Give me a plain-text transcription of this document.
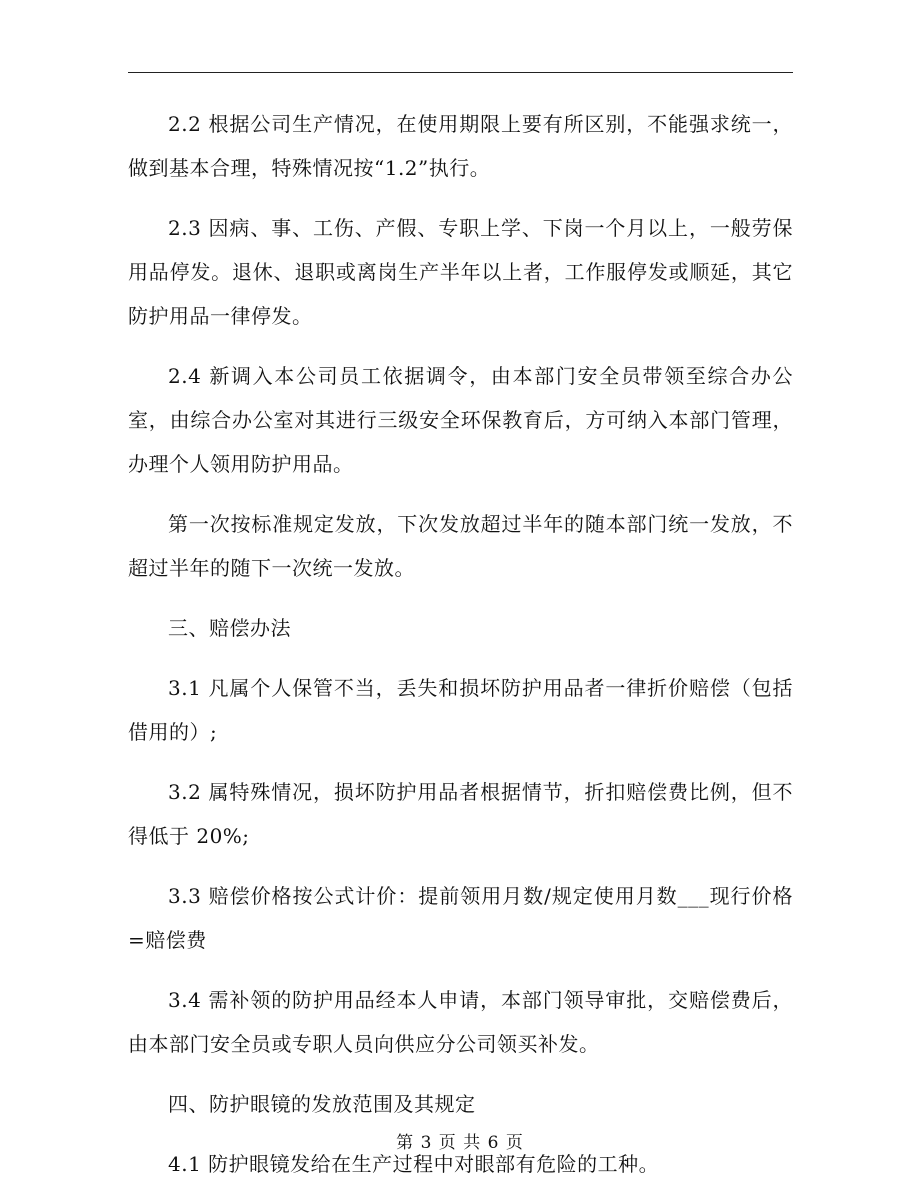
2.2 根据公司生产情况，在使用期限上要有所区别，不能强求统一，做到基本合理，特殊情况按“1.2”执行。

2.3 因病、事、工伤、产假、专职上学、下岗一个月以上，一般劳保用品停发。退休、退职或离岗生产半年以上者，工作服停发或顺延，其它防护用品一律停发。

2.4 新调入本公司员工依据调令，由本部门安全员带领至综合办公室，由综合办公室对其进行三级安全环保教育后，方可纳入本部门管理，办理个人领用防护用品。

第一次按标准规定发放，下次发放超过半年的随本部门统一发放，不超过半年的随下一次统一发放。

三、赔偿办法

3.1 凡属个人保管不当，丢失和损坏防护用品者一律折价赔偿（包括借用的）;

3.2 属特殊情况，损坏防护用品者根据情节，折扣赔偿费比例，但不得低于 20%;

3.3 赔偿价格按公式计价：提前领用月数/规定使用月数___现行价格=赔偿费

3.4 需补领的防护用品经本人申请，本部门领导审批，交赔偿费后，由本部门安全员或专职人员向供应分公司领买补发。

四、防护眼镜的发放范围及其规定

4.1 防护眼镜发给在生产过程中对眼部有危险的工种。

第 3 页 共 6 页
